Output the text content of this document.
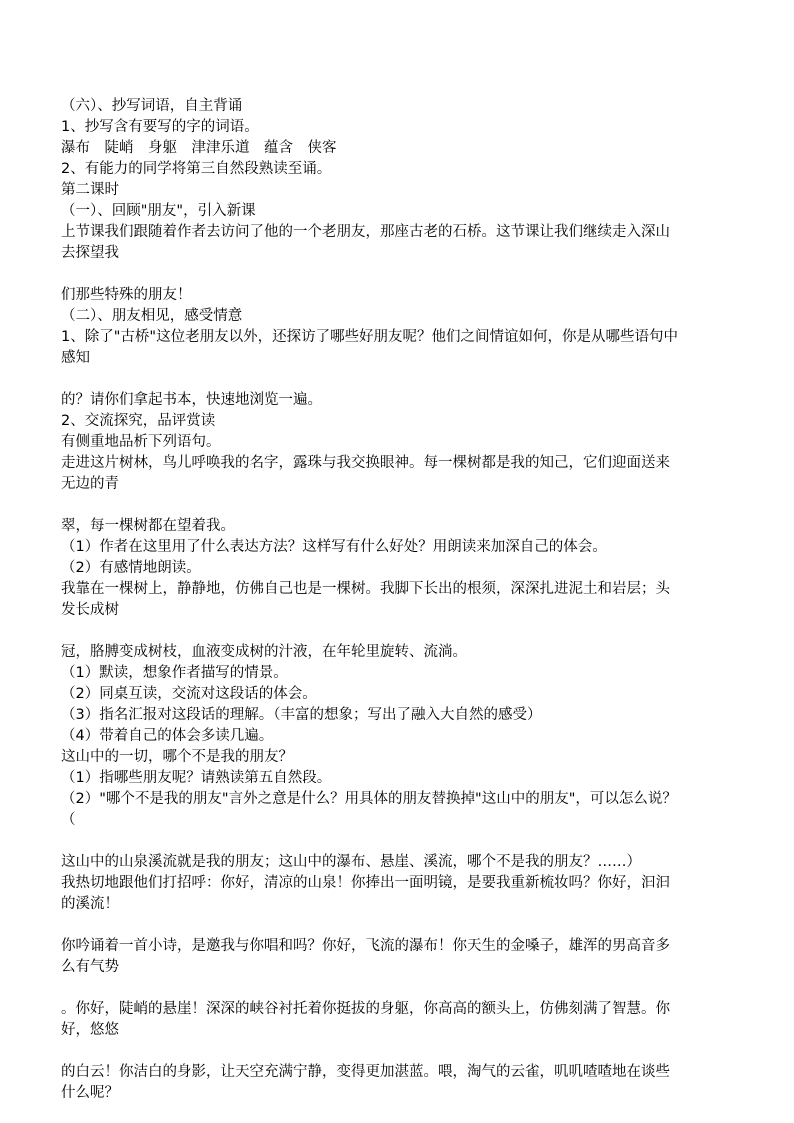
（六）、抄写词语，自主背诵
1、抄写含有要写的字的词语。
瀑布　陡峭　身躯　津津乐道　蕴含　侠客
2、有能力的同学将第三自然段熟读至诵。
第二课时
（一）、回顾"朋友"，引入新课
上节课我们跟随着作者去访问了他的一个老朋友，那座古老的石桥。这节课让我们继续走入深山
去探望我
们那些特殊的朋友！
（二）、朋友相见，感受情意
1、除了"古桥"这位老朋友以外，还探访了哪些好朋友呢？他们之间情谊如何，你是从哪些语句中
感知
的？请你们拿起书本，快速地浏览一遍。
2、交流探究，品评赏读
有侧重地品析下列语句。
走进这片树林，鸟儿呼唤我的名字，露珠与我交换眼神。每一棵树都是我的知己，它们迎面送来
无边的青
翠，每一棵树都在望着我。
（1）作者在这里用了什么表达方法？这样写有什么好处？用朗读来加深自己的体会。
（2）有感情地朗读。
我靠在一棵树上，静静地，仿佛自己也是一棵树。我脚下长出的根须，深深扎进泥土和岩层；头
发长成树
冠，胳膊变成树枝，血液变成树的汁液，在年轮里旋转、流淌。
（1）默读，想象作者描写的情景。
（2）同桌互读，交流对这段话的体会。
（3）指名汇报对这段话的理解。（丰富的想象；写出了融入大自然的感受）
（4）带着自己的体会多读几遍。
这山中的一切，哪个不是我的朋友？
（1）指哪些朋友呢？请熟读第五自然段。
（2）"哪个不是我的朋友"言外之意是什么？用具体的朋友替换掉"这山中的朋友"，可以怎么说？
（
这山中的山泉溪流就是我的朋友；这山中的瀑布、悬崖、溪流，哪个不是我的朋友？……）
我热切地跟他们打招呼：你好，清凉的山泉！你捧出一面明镜，是要我重新梳妆吗？你好，汩汩
的溪流！
你吟诵着一首小诗，是邀我与你唱和吗？你好，飞流的瀑布！你天生的金嗓子，雄浑的男高音多
么有气势
。你好，陡峭的悬崖！深深的峡谷衬托着你挺拔的身躯，你高高的额头上，仿佛刻满了智慧。你
好，悠悠
的白云！你洁白的身影，让天空充满宁静，变得更加湛蓝。喂，淘气的云雀，叽叽喳喳地在谈些
什么呢？
